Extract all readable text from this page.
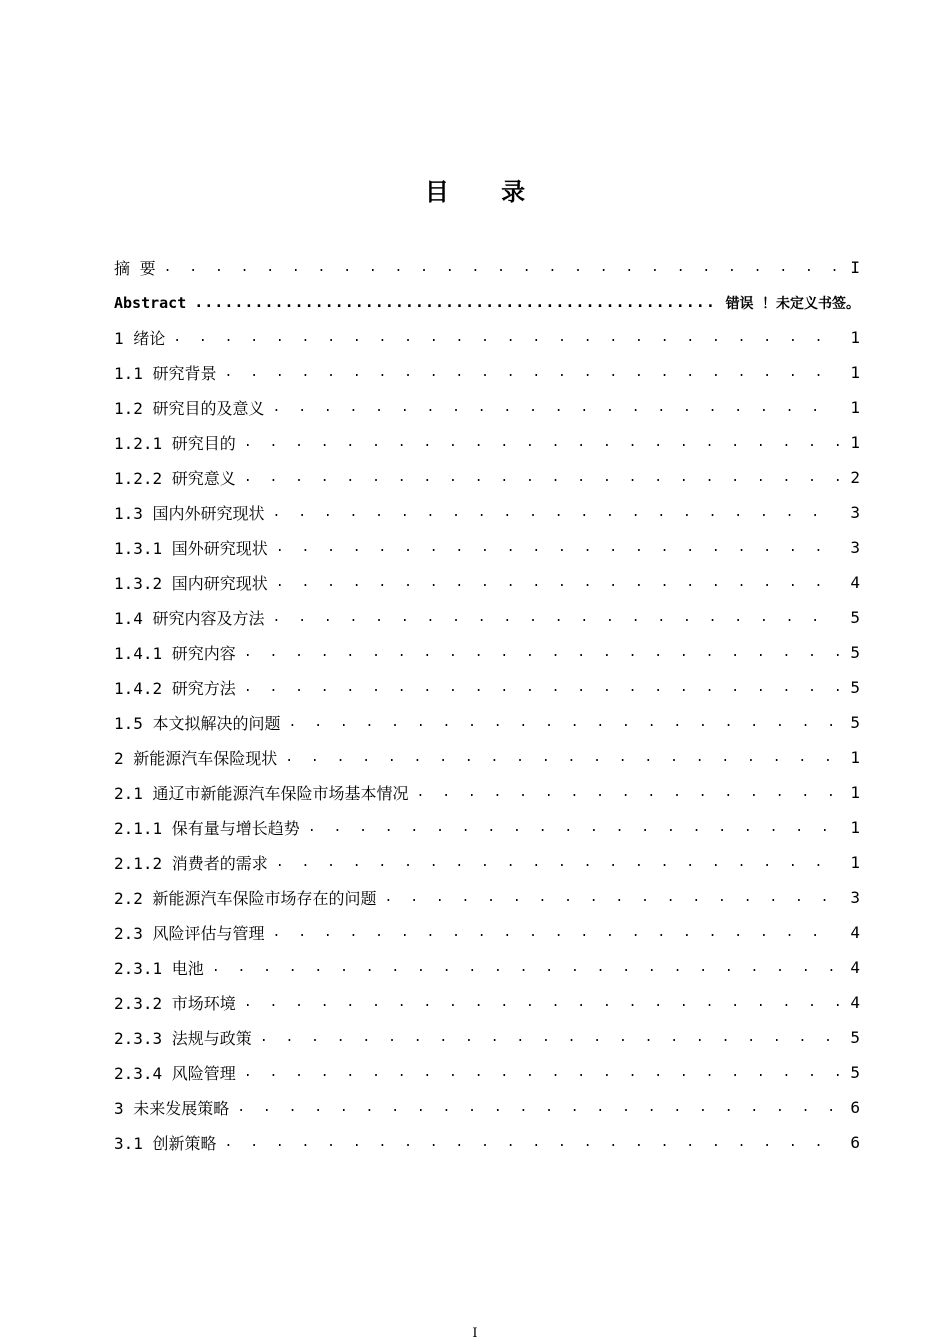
目 录
摘 要 . . .	I
Abstract .....	错误 ！未定义书签。
1 绪论 . . .	1
1.1 研究背景 . . .	1
1.2 研究目的及意义 . . .	1
1.2.1 研究目的 . . .	1
1.2.2 研究意义 . . .	2
1.3 国内外研究现状 . . .	3
1.3.1 国外研究现状 . . .	3
1.3.2 国内研究现状 . . .	4
1.4 研究内容及方法 . . .	5
1.4.1 研究内容 . . .	5
1.4.2 研究方法 . . .	5
1.5 本文拟解决的问题 . . .	5
2 新能源汽车保险现状 . . .	1
2.1 通辽市新能源汽车保险市场基本情况 . . .	1
2.1.1 保有量与增长趋势 . . .	1
2.1.2 消费者的需求 . . .	1
2.2 新能源汽车保险市场存在的问题 . . .	3
2.3 风险评估与管理 . . .	4
2.3.1 电池 . . .	4
2.3.2 市场环境 . . .	4
2.3.3 法规与政策 . . .	5
2.3.4 风险管理 . . .	5
3 未来发展策略 . . .	6
3.1 创新策略 . . .	6
I
